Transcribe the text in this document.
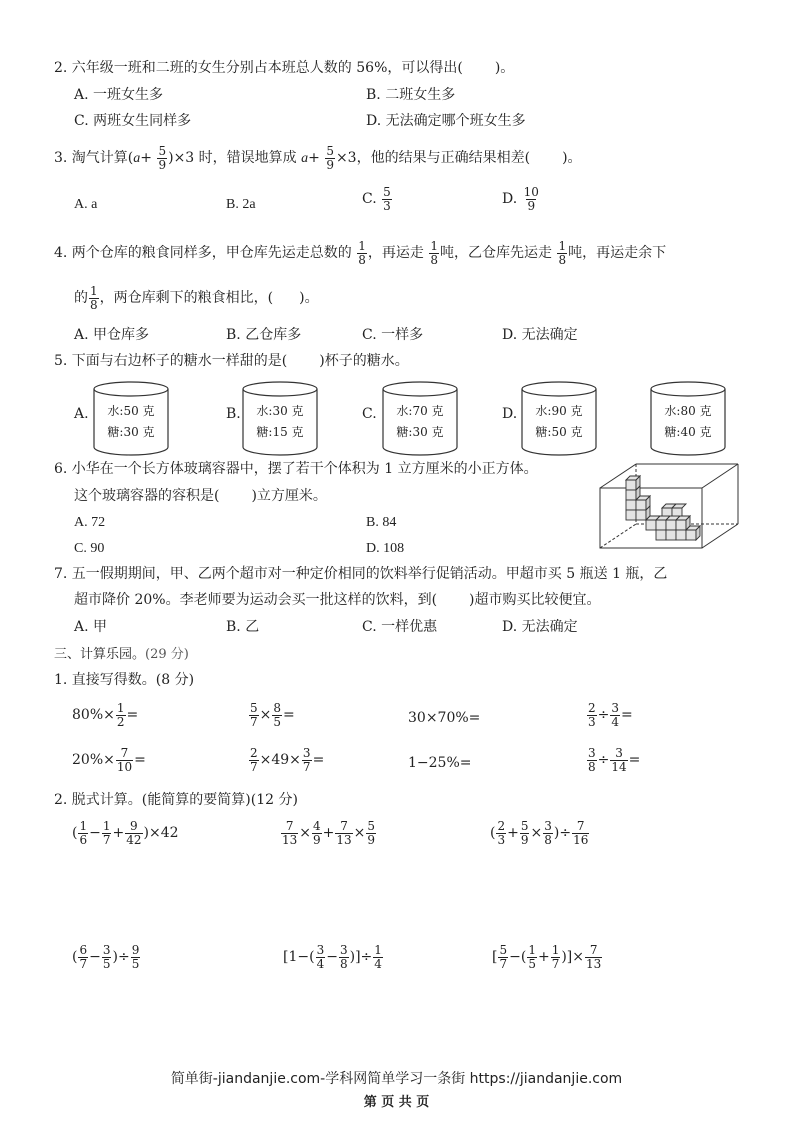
2. 六年级一班和二班的女生分别占本班总人数的 56%，可以得出( )。
A. 一班女生多	B. 二班女生多
C. 两班女生同样多	D. 无法确定哪个班女生多
3. 淘气计算$(a+ \frac{5}{9} )\times 3$ 时，错误地算成 $a+ \frac{5}{9} \times 3$，他的结果与正确结果相差( )。
A. a	B. 2a	C. $\frac{5}{3}$	D. $\frac{10}{9}$
4. 两个仓库的粮食同样多，甲仓库先运走总数的 $\frac{1}{8}$ ，再运走 $\frac{1}{8}$ 吨，乙仓库先运走 $\frac{1}{8}$ 吨，再运走余下
的 $\frac{1}{8}$ ，两仓库剩下的粮食相比，( )。
A. 甲仓库多	B. 乙仓库多	C. 一样多	D. 无法确定
5. 下面与右边杯子的糖水一样甜的是( )杯子的糖水。
A.	水:50 克
糖:30 克
B.	水:30 克
糖:15 克
C.	水:70 克
糖:30 克
D.	水:90 克
糖:50 克
水:80 克
糖:40 克
6. 小华在一个长方体玻璃容器中，摆了若干个体积为 1 立方厘米的小正方体。
这个玻璃容器的容积是( )立方厘米。
A. 72	B. 84
C. 90	D. 108
7. 五一假期期间，甲、乙两个超市对一种定价相同的饮料举行促销活动。甲超市买 5 瓶送 1 瓶，乙
超市降价 20%。李老师要为运动会买一批这样的饮料，到( )超市购买比较便宜。
A. 甲	B. 乙	C. 一样优惠	D. 无法确定
三、计算乐园。(29 分)
1. 直接写得数。(8 分)
$80\%\times \frac{1}{2}$ =	$\frac{5}{7} \times \frac{8}{5}$ =	30×70%=	$\frac{2}{3} \div \frac{3}{4}$ =
$20\%\times \frac{7}{10}$ =	$\frac{2}{7} \times 49\times \frac{3}{7}$ =	1−25%=	$\frac{3}{8} \div \frac{3}{14}$ =
2. 脱式计算。(能简算的要简算)(12 分)
( $\frac{1}{6} - \frac{1}{7} + \frac{9}{42} )\times 42$	$\frac{7}{13} \times \frac{4}{9} + \frac{7}{13} \times \frac{5}{9}$	( $\frac{2}{3} + \frac{5}{9} \times \frac{3}{8}$ )÷ $\frac{7}{16}$
( $\frac{6}{7} - \frac{3}{5}$ )÷ $\frac{9}{5}$	[$1-( \frac{3}{4} - \frac{3}{8}$ )]÷ $\frac{1}{4}$	[ $\frac{5}{7}$ −( $\frac{1}{5} + \frac{1}{7}$ )]× $\frac{7}{13}$
简单街-jiandanjie.com-学科网简单学习一条街 https://jiandanjie.com
第 页 共 页
